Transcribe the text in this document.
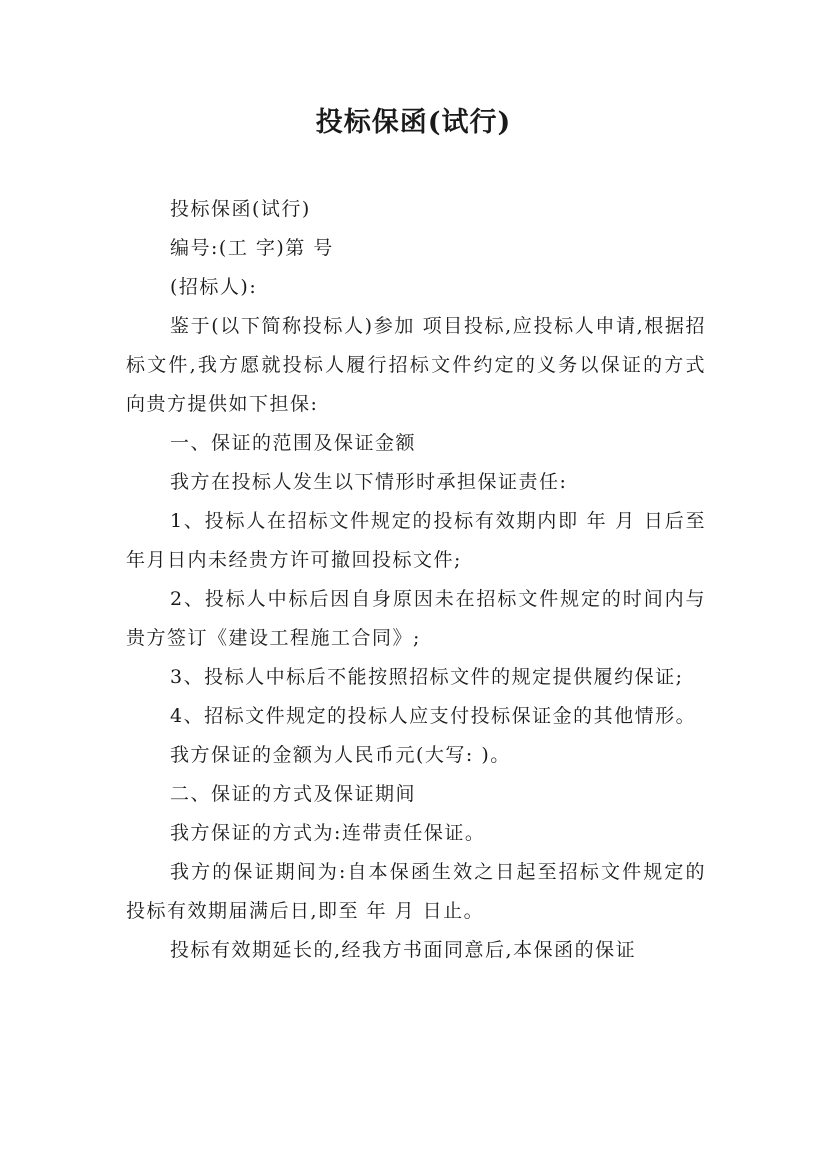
投标保函(试行)

投标保函(试行)

编号:(工 字)第 号

(招标人):

鉴于(以下简称投标人)参加 项目投标,应投标人申请,根据招标文件,我方愿就投标人履行招标文件约定的义务以保证的方式向贵方提供如下担保:

一、保证的范围及保证金额

我方在投标人发生以下情形时承担保证责任:

1、投标人在招标文件规定的投标有效期内即 年 月 日后至 年月日内未经贵方许可撤回投标文件;

2、投标人中标后因自身原因未在招标文件规定的时间内与贵方签订《建设工程施工合同》;

3、投标人中标后不能按照招标文件的规定提供履约保证;

4、招标文件规定的投标人应支付投标保证金的其他情形。

我方保证的金额为人民币元(大写: )。

二、保证的方式及保证期间

我方保证的方式为:连带责任保证。

我方的保证期间为:自本保函生效之日起至招标文件规定的投标有效期届满后日,即至 年 月 日止。

投标有效期延长的,经我方书面同意后,本保函的保证
